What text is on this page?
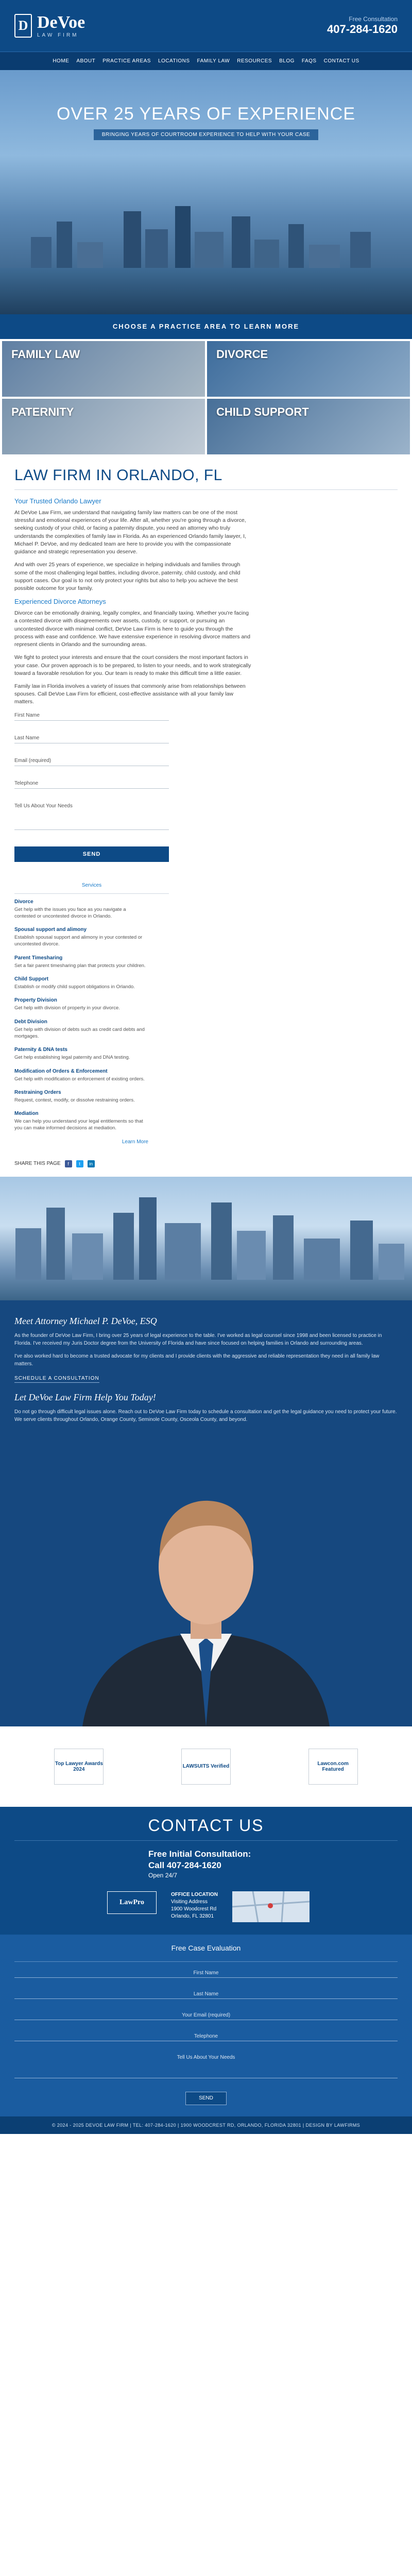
D DeVoe
LAW FIRM
Free Consultation
407-284-1620
HOME ABOUT PRACTICE AREAS LOCATIONS FAMILY LAW RESOURCES BLOG FAQS CONTACT US
OVER 25 YEARS OF EXPERIENCE
BRINGING YEARS OF COURTROOM EXPERIENCE TO HELP WITH YOUR CASE
CHOOSE A PRACTICE AREA TO LEARN MORE
FAMILY LAW	DIVORCE
PATERNITY	CHILD SUPPORT
LAW FIRM IN ORLANDO, FL
Your Trusted Orlando Lawyer

At DeVoe Law Firm, we understand that navigating family law matters can be one of the most stressful and emotional experiences of your life. After all, whether you're going through a divorce, seeking custody of your child, or facing a paternity dispute, you need an attorney who truly understands the complexities of family law in Florida. As an experienced Orlando family lawyer, I, Michael P. DeVoe, and my dedicated team are here to provide you with the compassionate guidance and strategic representation you deserve.

And with over 25 years of experience, we specialize in helping individuals and families through some of the most challenging legal battles, including divorce, paternity, child custody, and child support cases. Our goal is to not only protect your rights but also to help you achieve the best possible outcome for your family.

Experienced Divorce Attorneys

Divorce can be emotionally draining, legally complex, and financially taxing. Whether you're facing a contested divorce with disagreements over assets, custody, or support, or pursuing an uncontested divorce with minimal conflict, DeVoe Law Firm is here to guide you through the process with ease and confidence. We have extensive experience in resolving divorce matters and represent clients in Orlando and the surrounding areas.

We fight to protect your interests and ensure that the court considers the most important factors in your case. Our proven approach is to be prepared, to listen to your needs, and to work strategically toward a favorable resolution for you. Our team is ready to make this difficult time a little easier.

Family law in Florida involves a variety of issues that commonly arise from relationships between spouses. Call DeVoe Law Firm for efficient, cost-effective assistance with all your family law matters.

First Name
Last Name
Email (required)
Telephone
Tell Us About Your Needs
SEND
Services
Divorce
Get help with the issues you face as you navigate a contested or uncontested divorce in Orlando.
Spousal support and alimony
Establish spousal support and alimony in your contested or uncontested divorce.
Parent Timesharing
Set a fair parent timesharing plan that protects your children.
Child Support
Establish or modify child support obligations in Orlando.
Property Division
Get help with division of property in your divorce.
Debt Division
Get help with division of debts such as credit card debts and mortgages.
Paternity & DNA tests
Get help establishing legal paternity and DNA testing.
Modification of Orders & Enforcement
Get help with modification or enforcement of existing orders.
Restraining Orders
Request, contest, modify, or dissolve restraining orders.
Mediation
We can help you understand your legal entitlements so that you can make informed decisions at mediation.
Learn More
SHARE THIS PAGE	f	t	in
Meet Attorney Michael P. DeVoe, ESQ

As the founder of DeVoe Law Firm, I bring over 25 years of legal experience to the table. I've worked as legal counsel since 1998 and been licensed to practice in Florida. I've received my Juris Doctor degree from the University of Florida and have since focused on helping families in Orlando and surrounding areas.

I've also worked hard to become a trusted advocate for my clients and I provide clients with the aggressive and reliable representation they need in all family law matters.

SCHEDULE A CONSULTATION
Let DeVoe Law Firm Help You Today!

Do not go through difficult legal issues alone. Reach out to DeVoe Law Firm today to schedule a consultation and get the legal guidance you need to protect your future. We serve clients throughout Orlando, Orange County, Seminole County, Osceola County, and beyond.

Top Lawyer Awards 2024	LAWSUITS Verified	Lawcon.com Featured
CONTACT US
Free Initial Consultation:
Call 407-284-1620
Open 24/7
LawPro
OFFICE LOCATION
Visiting Address
1900 Woodcrest Rd
Orlando, FL 32801
Free Case Evaluation
First Name
Last Name
Your Email (required)
Telephone
Tell Us About Your Needs
SEND
© 2024 - 2025 DEVOE LAW FIRM | TEL: 407-284-1620 | 1900 WOODCREST RD, ORLANDO, FLORIDA 32801 | DESIGN BY LAWFIRMS
